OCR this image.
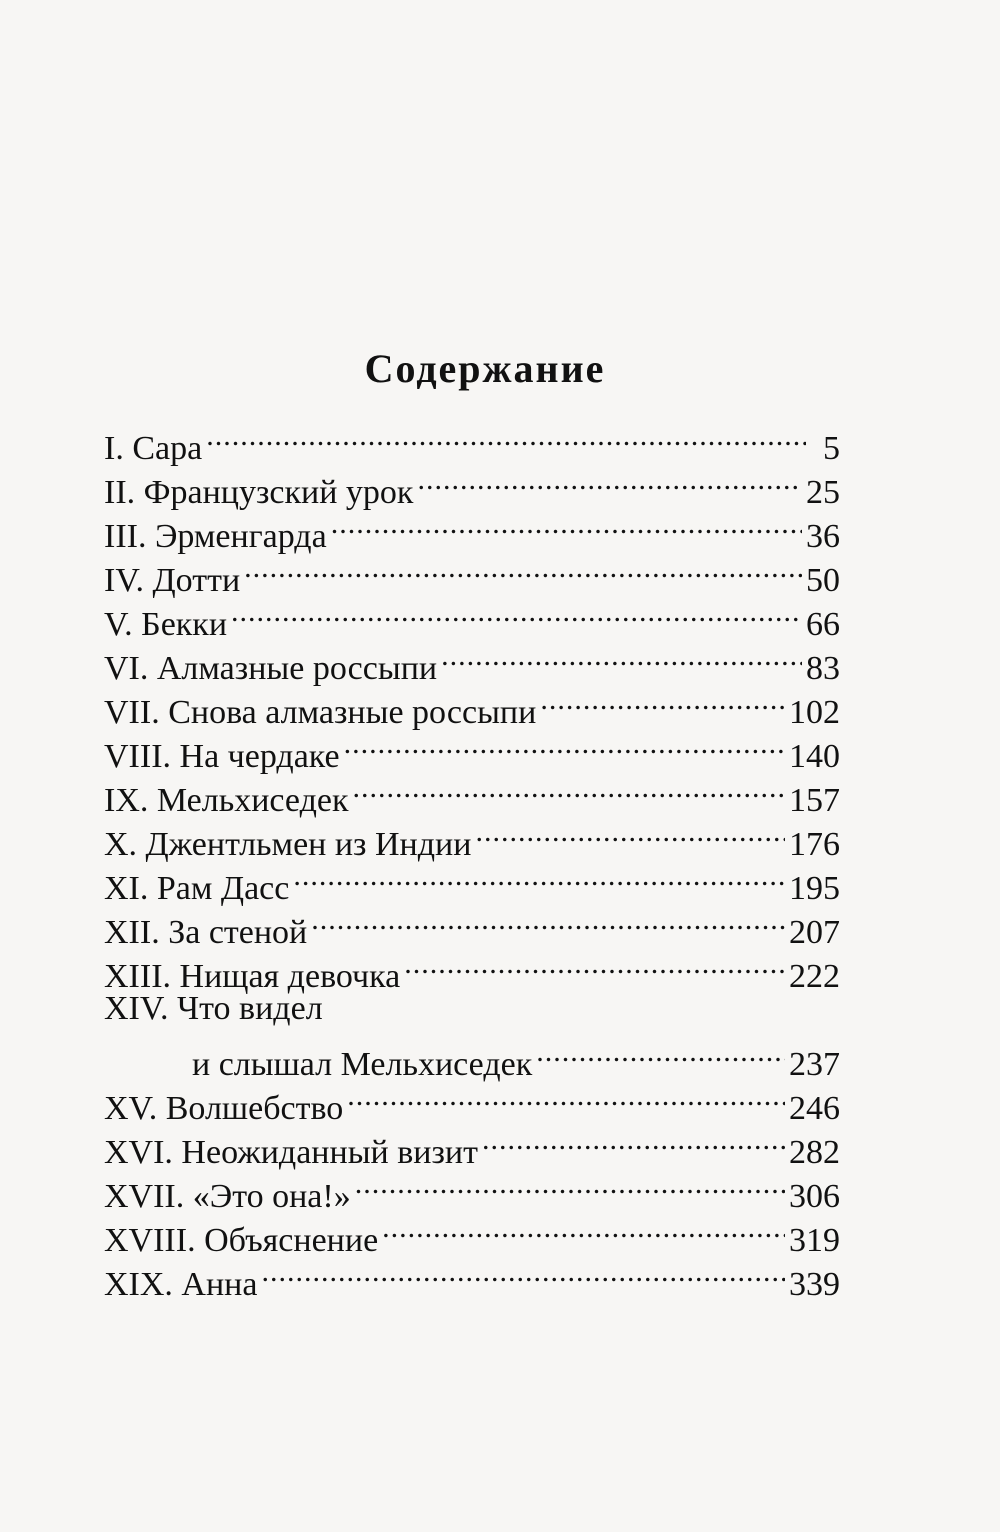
Содержание
I. Сара .....	5
II. Французский урок .....	25
III. Эрменгарда .....	36
IV. Дотти .....	50
V. Бекки .....	66
VI. Алмазные россыпи .....	83
VII. Снова алмазные россыпи .....	102
VIII. На чердаке .....	140
IX. Мельхиседек .....	157
X. Джентльмен из Индии .....	176
XI. Рам Дасс .....	195
XII. За стеной .....	207
XIII. Нищая девочка .....	222
XIV. Что видел
и слышал Мельхиседек .....	237
XV. Волшебство .....	246
XVI. Неожиданный визит .....	282
XVII. «Это она!» .....	306
XVIII. Объяснение .....	319
XIX. Анна .....	339
